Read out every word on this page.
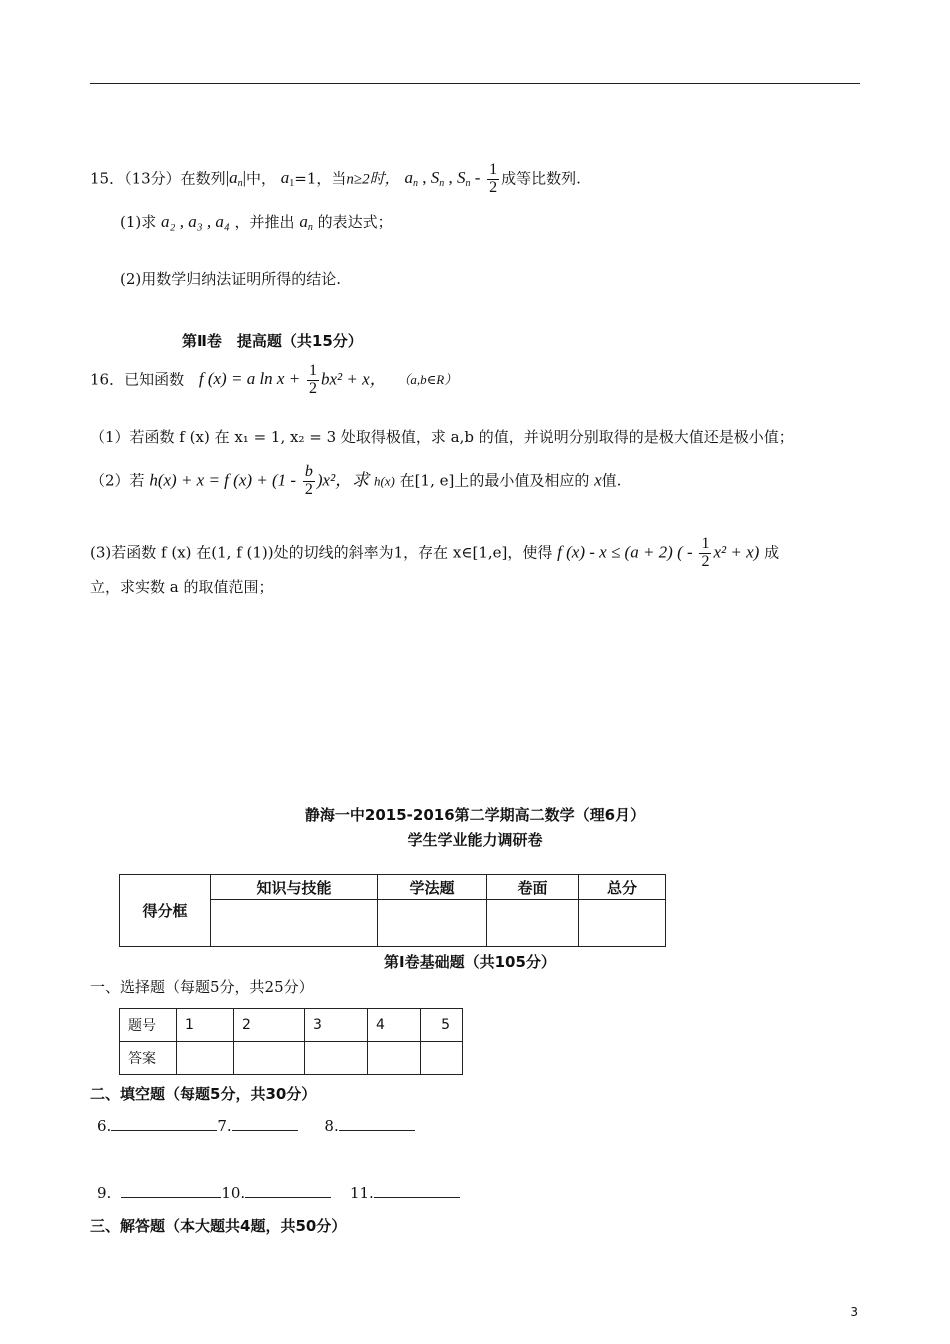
15．（13分）在数列$|a_n|$中， $a_1=1$，当n≥2时， $a_n$ , $S_n$ , $S_n - \frac{1}{2}$ 成等比数列.
(1)求 a₂ , a₃ , a₄ ，并推出 $a_n$ 的表达式；
(2)用数学归纳法证明所得的结论.
第Ⅱ卷　提高题（共15分）
16．已知函数 f (x) = a $\ln x + \frac{1}{2} bx^2 + x$， （a,b∈R）
（1）若函数 f (x) 在 x₁ = 1, x₂ = 3 处取得极值，求 a,b 的值，并说明分别取得的是极大值还是极小值；
（2）若 h(x) + x = f $(x) + (1 - \frac{b}{2} )x^2$，求 h(x) 在[1, e]上的最小值及相应的 x值.
(3)若函数 f (x) 在(1, f (1))处的切线的斜率为1，存在 x∈[1,e]，使得 f (x) - x ≤ (a + 2) ( - $\frac{1}{2} x^2 + x$) 成
立，求实数 a 的取值范围；
静海一中2015-2016第二学期高二数学（理6月）
学生学业能力调研卷
得分框	知识与技能	学法题	卷面	总分

第Ⅰ卷基础题（共105分）
一、选择题（每题5分，共25分）
题号	1	2	3	4	5
答案					
二、填空题（每题5分，共30分）
6.	7.	8.
9.	10.	11.
三、解答题（本大题共4题，共50分）
3
